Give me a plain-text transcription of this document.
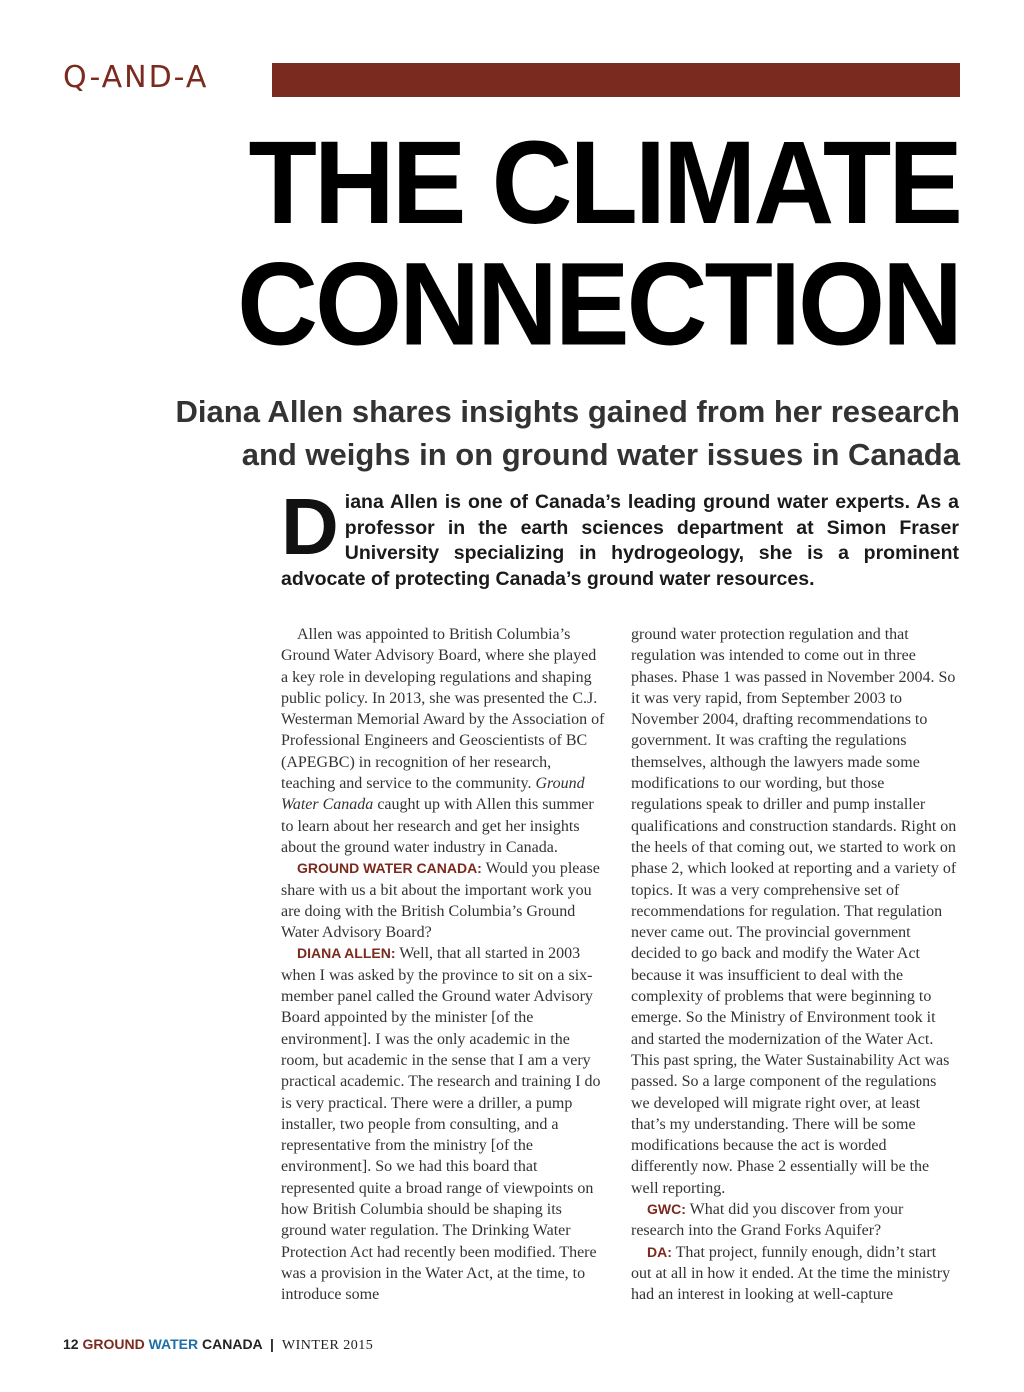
Q-AND-A
THE CLIMATE
CONNECTION
Diana Allen shares insights gained from her research
and weighs in on ground water issues in Canada
Diana Allen is one of Canada’s leading ground water experts. As a professor in the earth sciences department at Simon Fraser University specializing in hydrogeology, she is a prominent advocate of protecting Canada’s ground water resources.

Allen was appointed to British Columbia’s Ground Water Advisory Board, where she played a key role in developing regulations and shaping public policy. In 2013, she was presented the C.J. Westerman Memorial Award by the Association of Professional Engineers and Geoscientists of BC (APEGBC) in recognition of her research, teaching and service to the community. Ground Water Canada caught up with Allen this summer to learn about her research and get her insights about the ground water industry in Canada.

GROUND WATER CANADA: Would you please share with us a bit about the important work you are doing with the British Columbia’s Ground Water Advisory Board?

DIANA ALLEN: Well, that all started in 2003 when I was asked by the province to sit on a six-member panel called the Ground water Advisory Board appointed by the minister [of the environment]. I was the only academic in the room, but academic in the sense that I am a very practical academic. The research and training I do is very practical. There were a driller, a pump installer, two people from consulting, and a representative from the ministry [of the environment]. So we had this board that represented quite a broad range of viewpoints on how British Columbia should be shaping its ground water regulation. The Drinking Water Protection Act had recently been modified. There was a provision in the Water Act, at the time, to introduce some

ground water protection regulation and that regulation was intended to come out in three phases. Phase 1 was passed in November 2004. So it was very rapid, from September 2003 to November 2004, drafting recommendations to government. It was crafting the regulations themselves, although the lawyers made some modifications to our wording, but those regulations speak to driller and pump installer qualifications and construction standards. Right on the heels of that coming out, we started to work on phase 2, which looked at reporting and a variety of topics. It was a very comprehensive set of recommendations for regulation. That regulation never came out. The provincial government decided to go back and modify the Water Act because it was insufficient to deal with the complexity of problems that were beginning to emerge. So the Ministry of Environment took it and started the modernization of the Water Act. This past spring, the Water Sustainability Act was passed. So a large component of the regulations we developed will migrate right over, at least that’s my understanding. There will be some modifications because the act is worded differently now. Phase 2 essentially will be the well reporting.

GWC: What did you discover from your research into the Grand Forks Aquifer?

DA: That project, funnily enough, didn’t start out at all in how it ended. At the time the ministry had an interest in looking at well-capture

12 GROUND WATER CANADA | WINTER 2015
